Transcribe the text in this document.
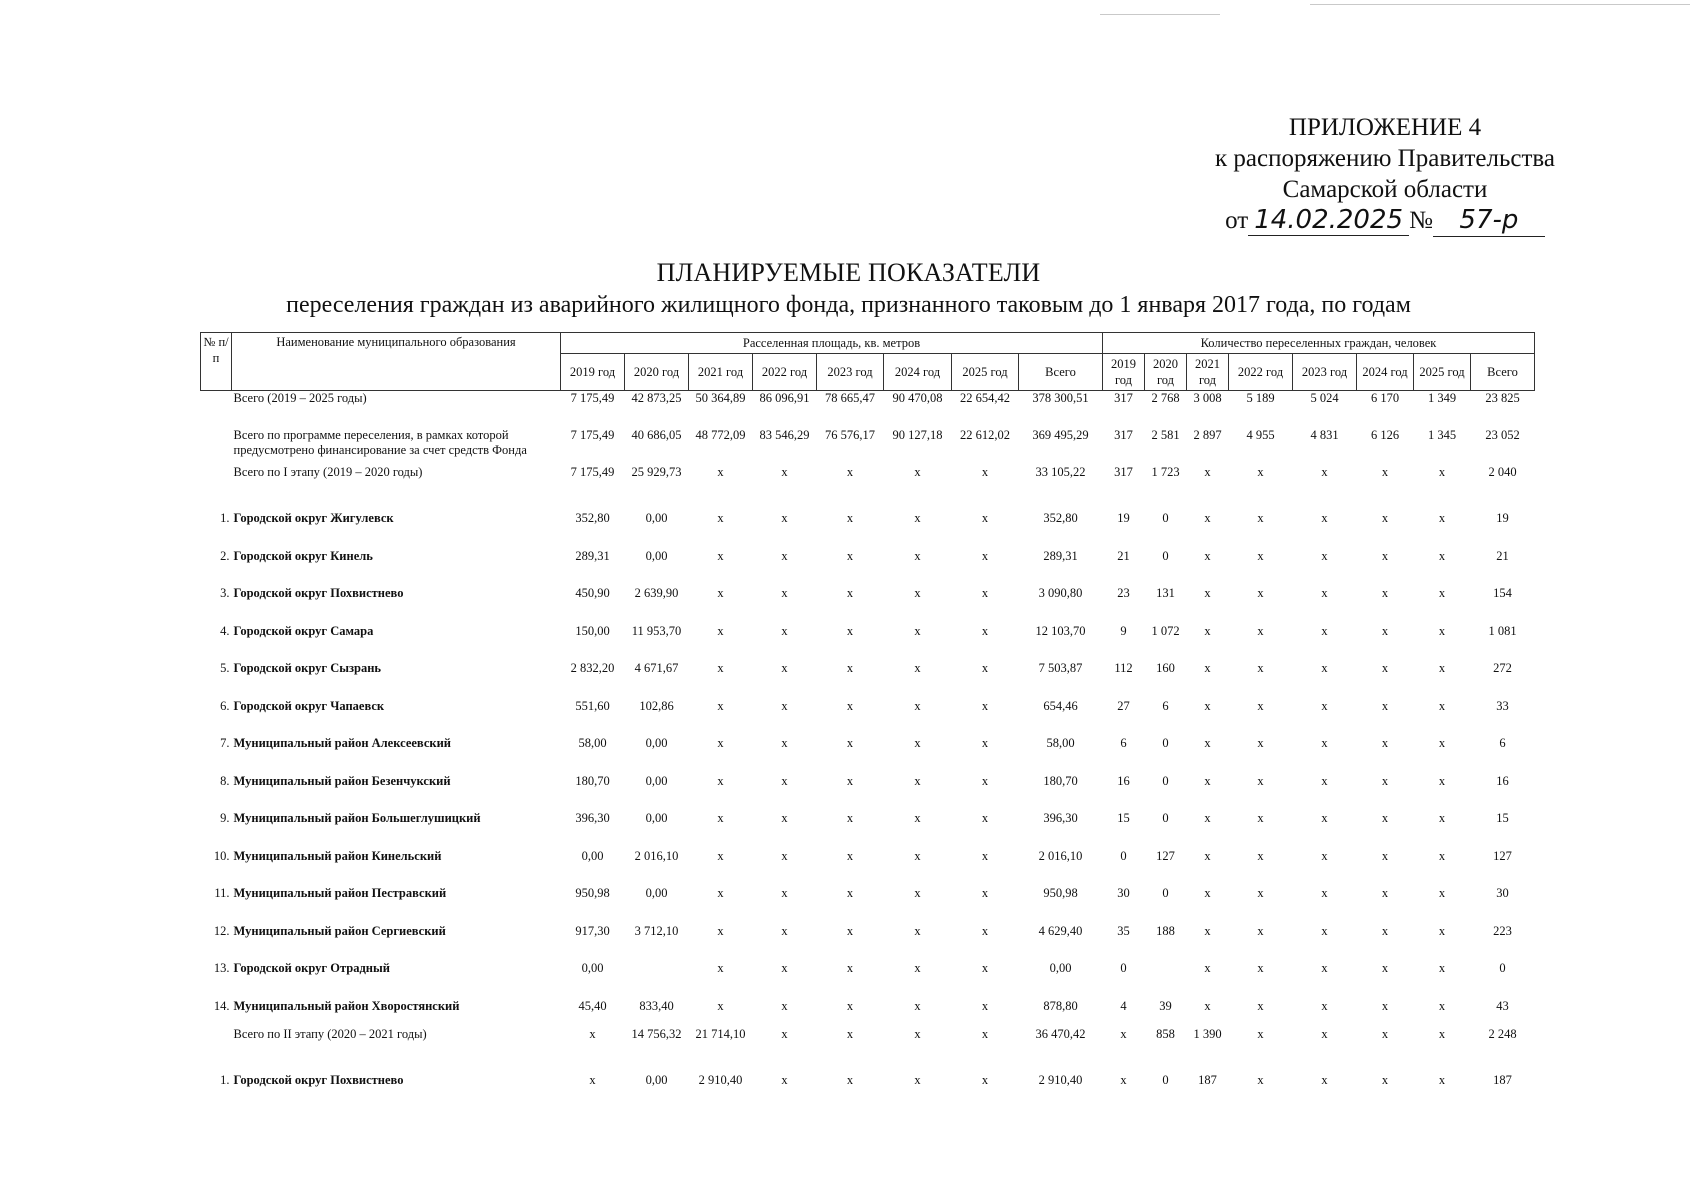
ПРИЛОЖЕНИЕ 4
к распоряжению Правительства
Самарской области
от 14.02.2025 № 57-р
ПЛАНИРУЕМЫЕ ПОКАЗАТЕЛИ
переселения граждан из аварийного жилищного фонда, признанного таковым до 1 января 2017 года, по годам
№ п/п	Наименование муниципального образования	Расселенная площадь, кв. метров								Количество переселенных граждан, человек							
		2019 год	2020 год	2021 год	2022 год	2023 год	2024 год	2025 год	Всего	2019 год	2020 год	2021 год	2022 год	2023 год	2024 год	2025 год	Всего

	Всего (2019 – 2025 годы)	7 175,49	42 873,25	50 364,89	86 096,91	78 665,47	90 470,08	22 654,42	378 300,51	317	2 768	3 008	5 189	5 024	6 170	1 349	23 825

	Всего по программе переселения, в рамках которой предусмотрено финансирование за счет средств Фонда	7 175,49	40 686,05	48 772,09	83 546,29	76 576,17	90 127,18	22 612,02	369 495,29	317	2 581	2 897	4 955	4 831	6 126	1 345	23 052

	Всего по I этапу (2019 – 2020 годы)	7 175,49	25 929,73	х	х	х	х	х	33 105,22	317	1 723	х	х	х	х	х	2 040
1.	Городской округ Жигулевск	352,80	0,00	х	х	х	х	х	352,80	19	0	х	х	х	х	х	19
2.	Городской округ Кинель	289,31	0,00	х	х	х	х	х	289,31	21	0	х	х	х	х	х	21
3.	Городской округ Похвистнево	450,90	2 639,90	х	х	х	х	х	3 090,80	23	131	х	х	х	х	х	154
4.	Городской округ Самара	150,00	11 953,70	х	х	х	х	х	12 103,70	9	1 072	х	х	х	х	х	1 081
5.	Городской округ Сызрань	2 832,20	4 671,67	х	х	х	х	х	7 503,87	112	160	х	х	х	х	х	272
6.	Городской округ Чапаевск	551,60	102,86	х	х	х	х	х	654,46	27	6	х	х	х	х	х	33
7.	Муниципальный район Алексеевский	58,00	0,00	х	х	х	х	х	58,00	6	0	х	х	х	х	х	6
8.	Муниципальный район Безенчукский	180,70	0,00	х	х	х	х	х	180,70	16	0	х	х	х	х	х	16
9.	Муниципальный район Большеглушицкий	396,30	0,00	х	х	х	х	х	396,30	15	0	х	х	х	х	х	15
10.	Муниципальный район Кинельский	0,00	2 016,10	х	х	х	х	х	2 016,10	0	127	х	х	х	х	х	127
11.	Муниципальный район Пестравский	950,98	0,00	х	х	х	х	х	950,98	30	0	х	х	х	х	х	30
12.	Муниципальный район Сергиевский	917,30	3 712,10	х	х	х	х	х	4 629,40	35	188	х	х	х	х	х	223
13.	Городской округ Отрадный	0,00		х	х	х	х	х	0,00	0		х	х	х	х	х	0
14.	Муниципальный район Хворостянский	45,40	833,40	х	х	х	х	х	878,80	4	39	х	х	х	х	х	43

	Всего по II этапу (2020 – 2021 годы)	х	14 756,32	21 714,10	х	х	х	х	36 470,42	х	858	1 390	х	х	х	х	2 248
1.	Городской округ Похвистнево	х	0,00	2 910,40	х	х	х	х	2 910,40	х	0	187	х	х	х	х	187
